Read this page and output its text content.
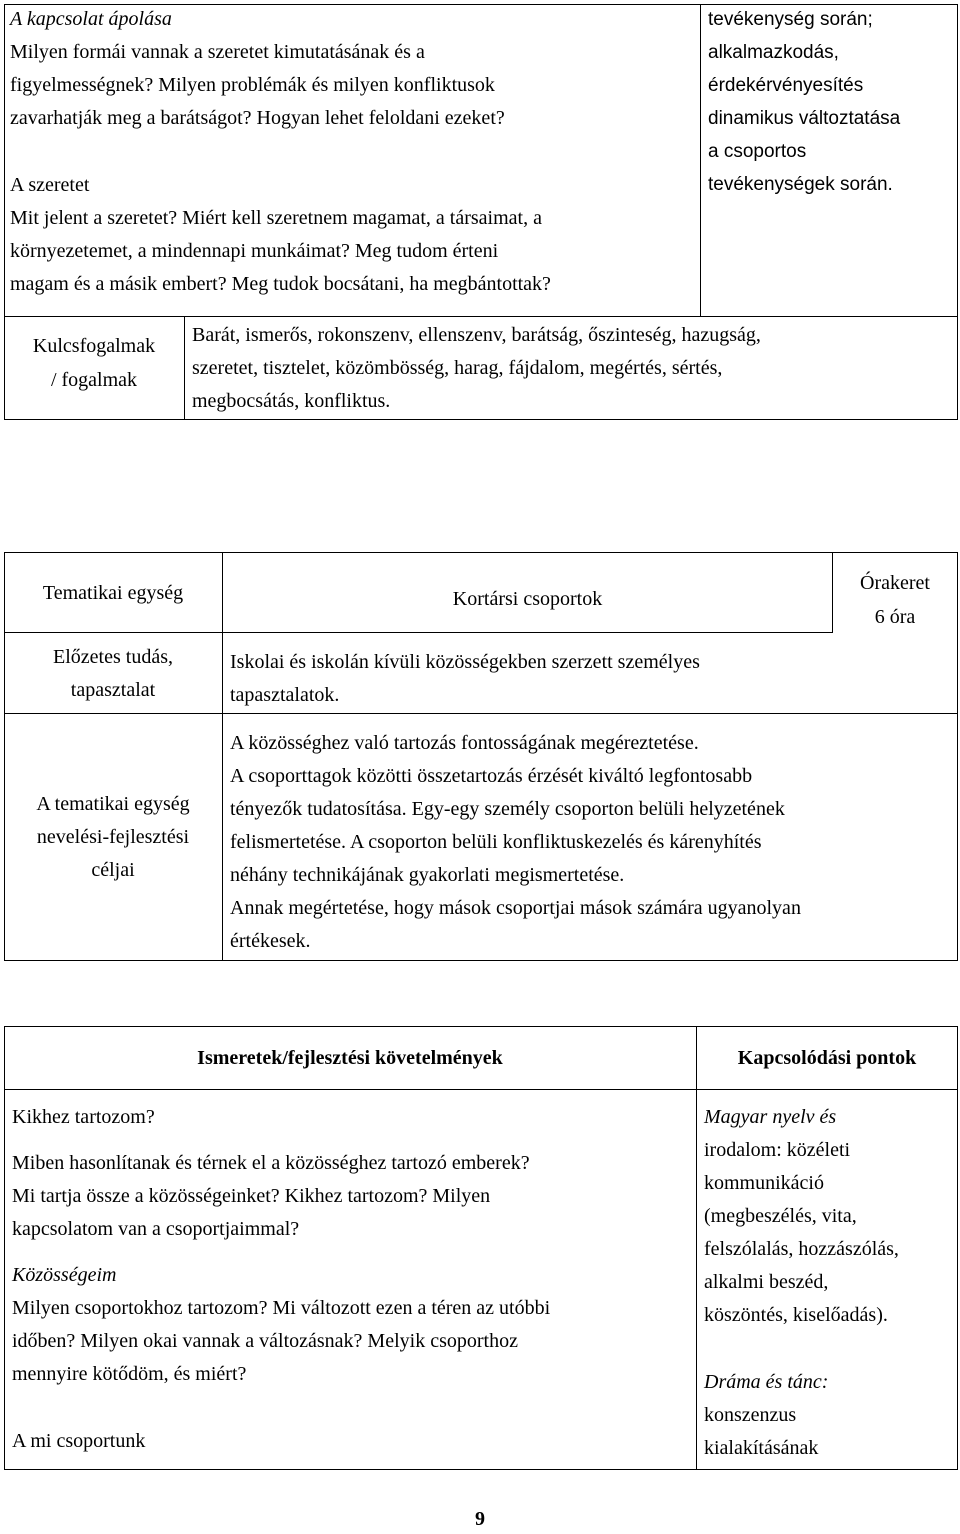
A kapcsolat ápolása
Milyen formái vannak a szeretet kimutatásának és a
figyelmességnek? Milyen problémák és milyen konfliktusok
zavarhatják meg a barátságot? Hogyan lehet feloldani ezeket?
A szeretet
Mit jelent a szeretet? Miért kell szeretnem magamat, a társaimat, a
környezetemet, a mindennapi munkáimat? Meg tudom érteni
magam és a másik embert? Meg tudok bocsátani, ha megbántottak?
tevékenység során;
alkalmazkodás,
érdekérvényesítés
dinamikus változtatása
a csoportos
tevékenységek során.
Kulcsfogalmak
/ fogalmak
Barát, ismerős, rokonszenv, ellenszenv, barátság, őszinteség, hazugság,
szeretet, tisztelet, közömbösség, harag, fájdalom, megértés, sértés,
megbocsátás, konfliktus.
Tematikai egység	Kortársi csoportok
Órakeret
6 óra
Előzetes tudás,
tapasztalat
Iskolai és iskolán kívüli közösségekben szerzett személyes
tapasztalatok.
A tematikai egység
nevelési-fejlesztési
céljai
A közösséghez való tartozás fontosságának megéreztetése.
A csoporttagok közötti összetartozás érzését kiváltó legfontosabb
tényezők tudatosítása. Egy-egy személy csoporton belüli helyzetének
felismertetése. A csoporton belüli konfliktuskezelés és kárenyhítés
néhány technikájának gyakorlati megismertetése.
Annak megértetése, hogy mások csoportjai mások számára ugyanolyan
értékesek.
Ismeretek/fejlesztési követelmények	Kapcsolódási pontok
Kikhez tartozom?
Miben hasonlítanak és térnek el a közösséghez tartozó emberek?
Mi tartja össze a közösségeinket? Kikhez tartozom? Milyen
kapcsolatom van a csoportjaimmal?
Közösségeim
Milyen csoportokhoz tartozom? Mi változott ezen a téren az utóbbi
időben? Milyen okai vannak a változásnak? Melyik csoporthoz
mennyire kötődöm, és miért?
A mi csoportunk
Magyar nyelv és
irodalom: közéleti
kommunikáció
(megbeszélés, vita,
felszólalás, hozzászólás,
alkalmi beszéd,
köszöntés, kiselőadás).
Dráma és tánc:
konszenzus
kialakításának
9
